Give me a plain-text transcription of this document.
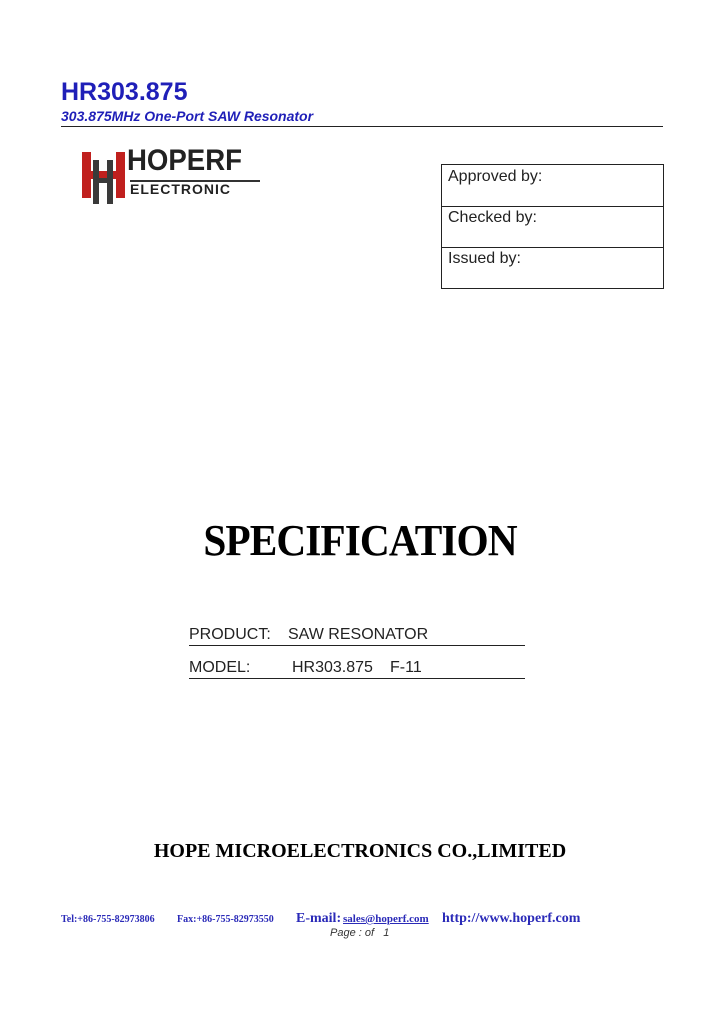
HR303.875
303.875MHz One-Port SAW Resonator
HOPERF
ELECTRONIC
Approved by:
Checked by:
Issued by:
SPECIFICATION
PRODUCT: SAW RESONATOR
MODEL:	HR303.875 F-11
HOPE MICROELECTRONICS CO.,LIMITED
Tel:+86-755-82973806 Fax:+86-755-82973550 E-mail: sales@hoperf.com http://www.hoperf.com
Page : of 1
